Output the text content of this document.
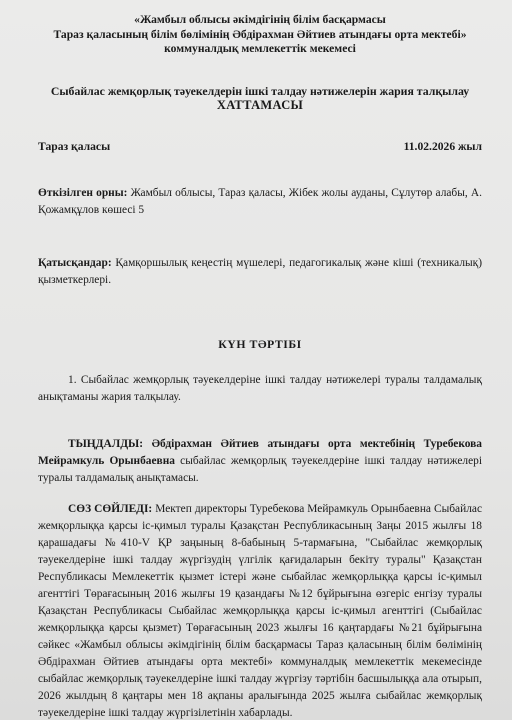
«Жамбыл облысы әкімдігінің білім басқармасы
Тараз қаласының білім бөлімінің Әбдірахман Әйтиев атындағы орта мектебі»
коммуналдық мемлекеттік мекемесі
Сыбайлас жемқорлық тәуекелдерін ішкі талдау нәтижелерін жария талқылау
ХАТТАМАСЫ
Тараз қаласы	11.02.2026 жыл
Өткізілген орны: Жамбыл облысы, Тараз қаласы, Жібек жолы ауданы, Сұлутөр алабы, А. Қожамқұлов көшесі 5
Қатысқандар: Қамқоршылық кеңестің мүшелері, педагогикалық және кіші (техникалық) қызметкерлері.
КҮН ТӘРТІБІ
1. Сыбайлас жемқорлық тәуекелдеріне ішкі талдау нәтижелері туралы талдамалық анықтаманы жария талқылау.
ТЫҢДАЛДЫ: Әбдірахман Әйтиев атындағы орта мектебінің Туребекова Мейрамкуль Орынбаевна сыбайлас жемқорлық тәуекелдеріне ішкі талдау нәтижелері туралы талдамалық анықтамасы.
СӨЗ СӨЙЛЕДІ: Мектеп директоры Туребекова Мейрамкуль Орынбаевна Сыбайлас жемқорлыққа қарсы іс-қимыл туралы Қазақстан Республикасының Заңы 2015 жылғы 18 қарашадағы №410-V ҚР заңының 8-бабының 5-тармағына, "Сыбайлас жемқорлық тәуекелдеріне ішкі талдау жүргізудің үлгілік қағидаларын бекіту туралы" Қазақстан Республикасы Мемлекеттік қызмет істері және сыбайлас жемқорлыққа қарсы іс-қимыл агенттігі Төрағасының 2016 жылғы 19 қазандағы №12 бұйрығына өзгеріс енгізу туралы Қазақстан Республикасы Сыбайлас жемқорлыққа қарсы іс-қимыл агенттігі (Сыбайлас жемқорлыққа қарсы қызмет) Төрағасының 2023 жылғы 16 қаңтардағы №21 бұйрығына сәйкес «Жамбыл облысы әкімдігінің білім басқармасы Тараз қаласының білім бөлімінің Әбдірахман Әйтиев атындағы орта мектебі» коммуналдық мемлекеттік мекемесінде сыбайлас жемқорлық тәуекелдеріне ішкі талдау жүргізу тәртібін басшылыққа ала отырып, 2026 жылдың 8 қаңтары мен 18 ақпаны аралығында 2025 жылға сыбайлас жемқорлық тәуекелдеріне ішкі талдау жүргізілетінін хабарлады.
